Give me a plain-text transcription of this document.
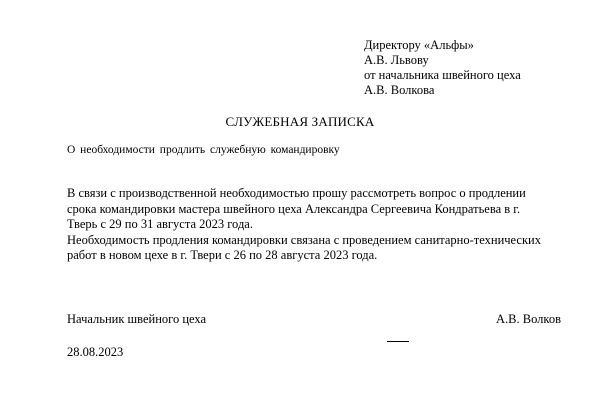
Директору «Альфы»
А.В. Львову
от начальника швейного цеха
А.В. Волкова
СЛУЖЕБНАЯ ЗАПИСКА
О необходимости продлить служебную командировку
В связи с производственной необходимостью прошу рассмотреть вопрос о продлении
срока командировки мастера швейного цеха Александра Сергеевича Кондратьева в г.
Тверь с 29 по 31 августа 2023 года.
Необходимость продления командировки связана с проведением санитарно-технических
работ в новом цехе в г. Твери с 26 по 28 августа 2023 года.
Начальник швейного цеха	А.В. Волков
28.08.2023
